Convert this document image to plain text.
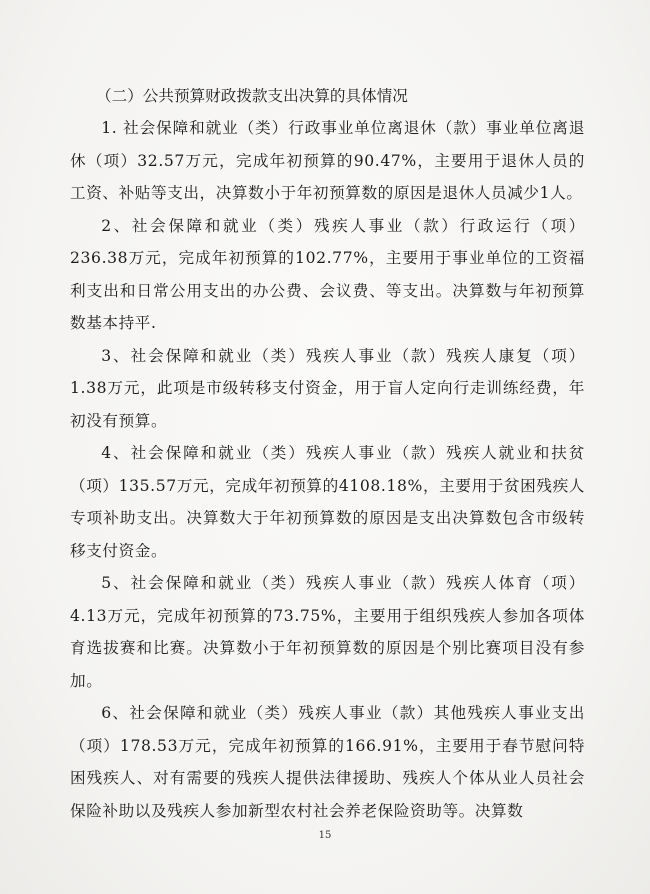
（二）公共预算财政拨款支出决算的具体情况

1. 社会保障和就业（类）行政事业单位离退休（款）事业单位离退休（项）32.57万元，完成年初预算的90.47%，主要用于退休人员的工资、补贴等支出，决算数小于年初预算数的原因是退休人员减少1人。

2、社会保障和就业（类）残疾人事业（款）行政运行（项）236.38万元，完成年初预算的102.77%，主要用于事业单位的工资福利支出和日常公用支出的办公费、会议费、等支出。决算数与年初预算数基本持平.

3、社会保障和就业（类）残疾人事业（款）残疾人康复（项）1.38万元，此项是市级转移支付资金，用于盲人定向行走训练经费，年初没有预算。

4、社会保障和就业（类）残疾人事业（款）残疾人就业和扶贫（项）135.57万元，完成年初预算的4108.18%，主要用于贫困残疾人专项补助支出。决算数大于年初预算数的原因是支出决算数包含市级转移支付资金。

5、社会保障和就业（类）残疾人事业（款）残疾人体育（项）4.13万元，完成年初预算的73.75%，主要用于组织残疾人参加各项体育选拔赛和比赛。决算数小于年初预算数的原因是个别比赛项目没有参加。

6、社会保障和就业（类）残疾人事业（款）其他残疾人事业支出（项）178.53万元，完成年初预算的166.91%，主要用于春节慰问特困残疾人、对有需要的残疾人提供法律援助、残疾人个体从业人员社会保险补助以及残疾人参加新型农村社会养老保险资助等。决算数

15
